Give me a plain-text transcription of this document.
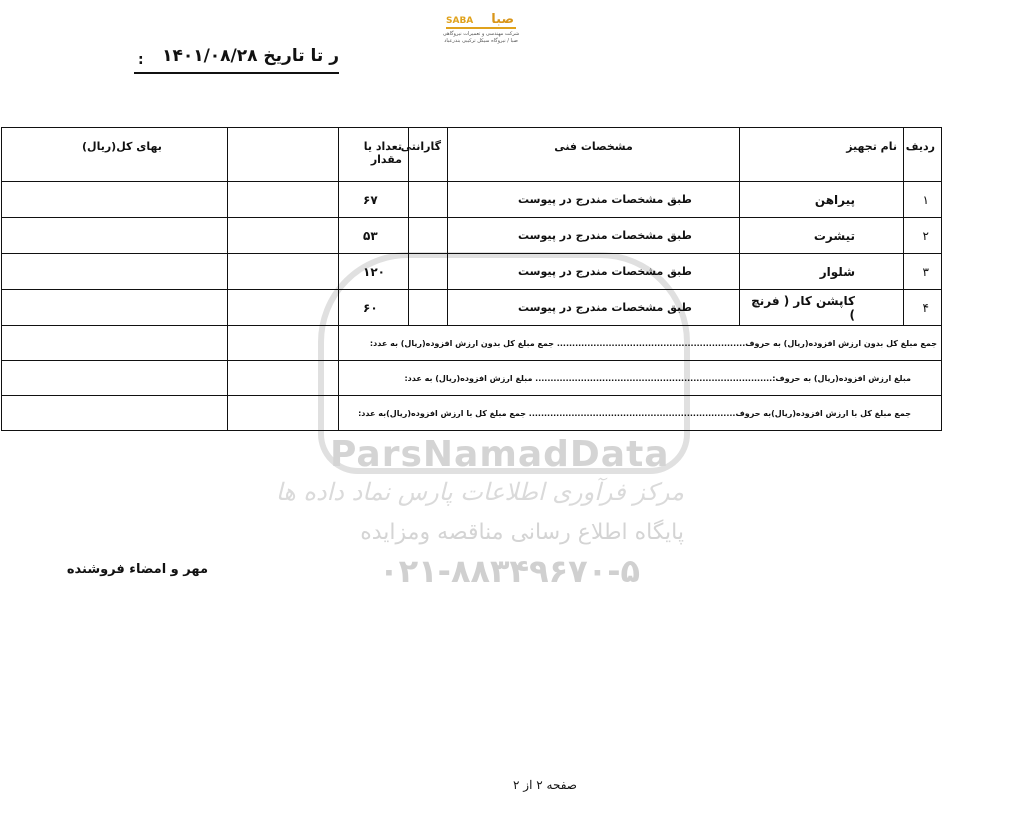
SABA صبا
شرکت مهندسی و تعمیرات نیروگاهی صبا / نیروگاه سیکل ترکیبی بندرعباد
ر تا تاریخ ۱۴۰۱/۰۸/۲۸
:
ParsNamadData
مرکز فرآوری اطلاعات پارس نماد داده ها
پایگاه اطلاع رسانی مناقصه ومزایده
۰۲۱-۸۸۳۴۹۶۷۰-۵
ردیف	نام تجهیز	مشخصات فنی	گارانتی	تعداد یا مقدار		بهای کل(ریال)
۱	پیراهن	طبق مشخصات مندرج در پیوست		۶۷		
۲	تیشرت	طبق مشخصات مندرج در پیوست		۵۳		
۳	شلوار	طبق مشخصات مندرج در پیوست		۱۲۰		
۴	کاپشن کار ( فرنچ )	طبق مشخصات مندرج در پیوست		۶۰		
جمع مبلغ کل بدون ارزش افزوده(ریال) به حروف.............................................................. جمع مبلغ کل بدون ارزش افزوده(ریال) به عدد:						
مبلغ ارزش افزوده(ریال) به حروف:.............................................................................. مبلغ ارزش افزوده(ریال) به عدد:						
جمع مبلغ کل با ارزش افزوده(ریال)به حروف.................................................................... جمع مبلغ کل با ارزش افزوده(ریال)به عدد:						
مهر و امضاء فروشنده
صفحه ۲ از ۲
